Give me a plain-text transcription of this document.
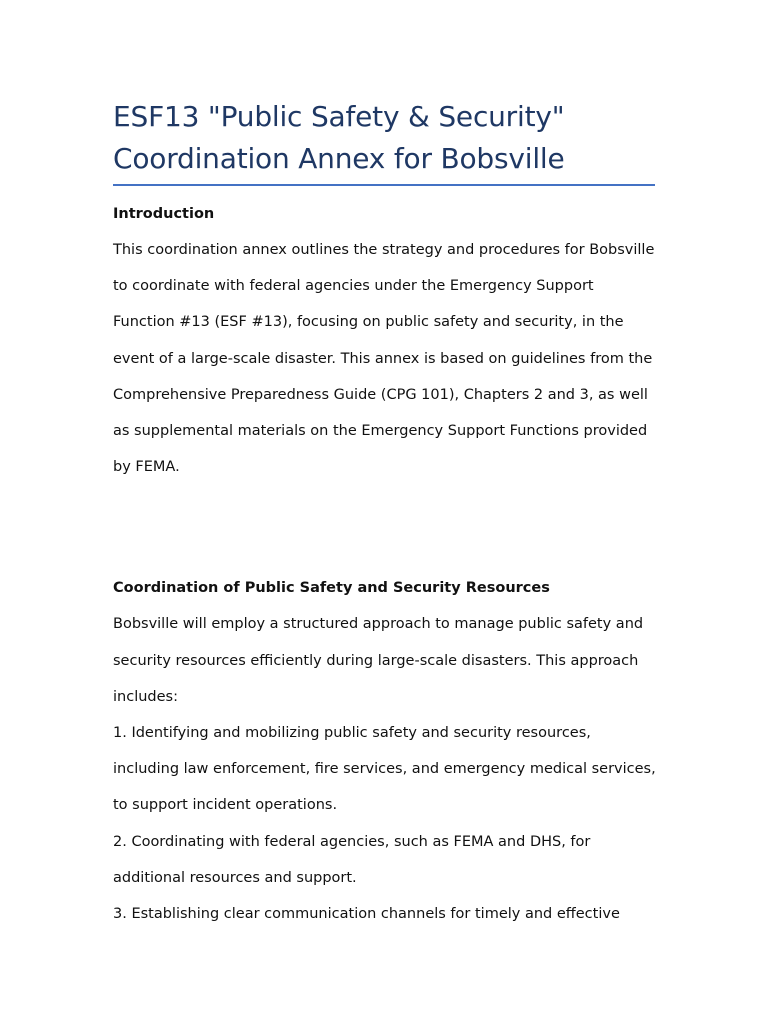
ESF13 "Public Safety & Security"
Coordination Annex for Bobsville
Introduction

This coordination annex outlines the strategy and procedures for Bobsville to coordinate with federal agencies under the Emergency Support Function #13 (ESF #13), focusing on public safety and security, in the event of a large-scale disaster. This annex is based on guidelines from the Comprehensive Preparedness Guide (CPG 101), Chapters 2 and 3, as well as supplemental materials on the Emergency Support Functions provided by FEMA.

Coordination of Public Safety and Security Resources

Bobsville will employ a structured approach to manage public safety and security resources efficiently during large-scale disasters. This approach includes:

1. Identifying and mobilizing public safety and security resources, including law enforcement, fire services, and emergency medical services, to support incident operations.

2. Coordinating with federal agencies, such as FEMA and DHS, for additional resources and support.

3. Establishing clear communication channels for timely and effective
